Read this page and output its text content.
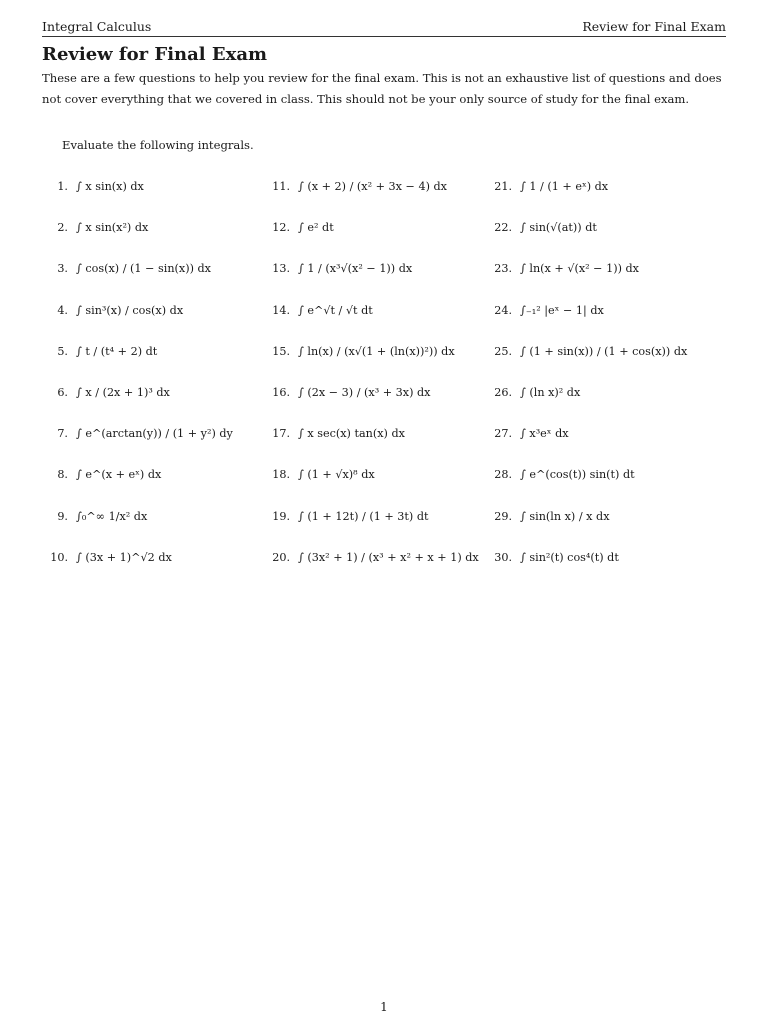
Integral Calculus	Review for Final Exam
Review for Final Exam
These are a few questions to help you review for the final exam. This is not an exhaustive list of questions and does not cover everything that we covered in class. This should not be your only source of study for the final exam.
Evaluate the following integrals.
1. ∫ x sin(x) dx
2. ∫ x sin(x²) dx
3. ∫ cos(x) / (1 − sin(x)) dx
4. ∫ sin³(x) / cos(x) dx
5. ∫ t / (t⁴ + 2) dt
6. ∫ x / (2x + 1)³ dx
7. ∫ e^(arctan(y)) / (1 + y²) dy
8. ∫ e^(x + eˣ) dx
9. ∫₀^∞ 1/x² dx
10. ∫ (3x + 1)^√2 dx
11. ∫ (x + 2) / (x² + 3x − 4) dx
12. ∫ e² dt
13. ∫ 1 / (x³√(x² − 1)) dx
14. ∫ e^√t / √t dt
15. ∫ ln(x) / (x√(1 + (ln(x))²)) dx
16. ∫ (2x − 3) / (x³ + 3x) dx
17. ∫ x sec(x) tan(x) dx
18. ∫ (1 + √x)⁸ dx
19. ∫ (1 + 12t) / (1 + 3t) dt
20. ∫ (3x² + 1) / (x³ + x² + x + 1) dx
21. ∫ 1 / (1 + eˣ) dx
22. ∫ sin(√(at)) dt
23. ∫ ln(x + √(x² − 1)) dx
24. ∫₋₁² |eˣ − 1| dx
25. ∫ (1 + sin(x)) / (1 + cos(x)) dx
26. ∫ (ln x)² dx
27. ∫ x³eˣ dx
28. ∫ e^(cos(t)) sin(t) dt
29. ∫ sin(ln x) / x dx
30. ∫ sin²(t) cos⁴(t) dt
1
